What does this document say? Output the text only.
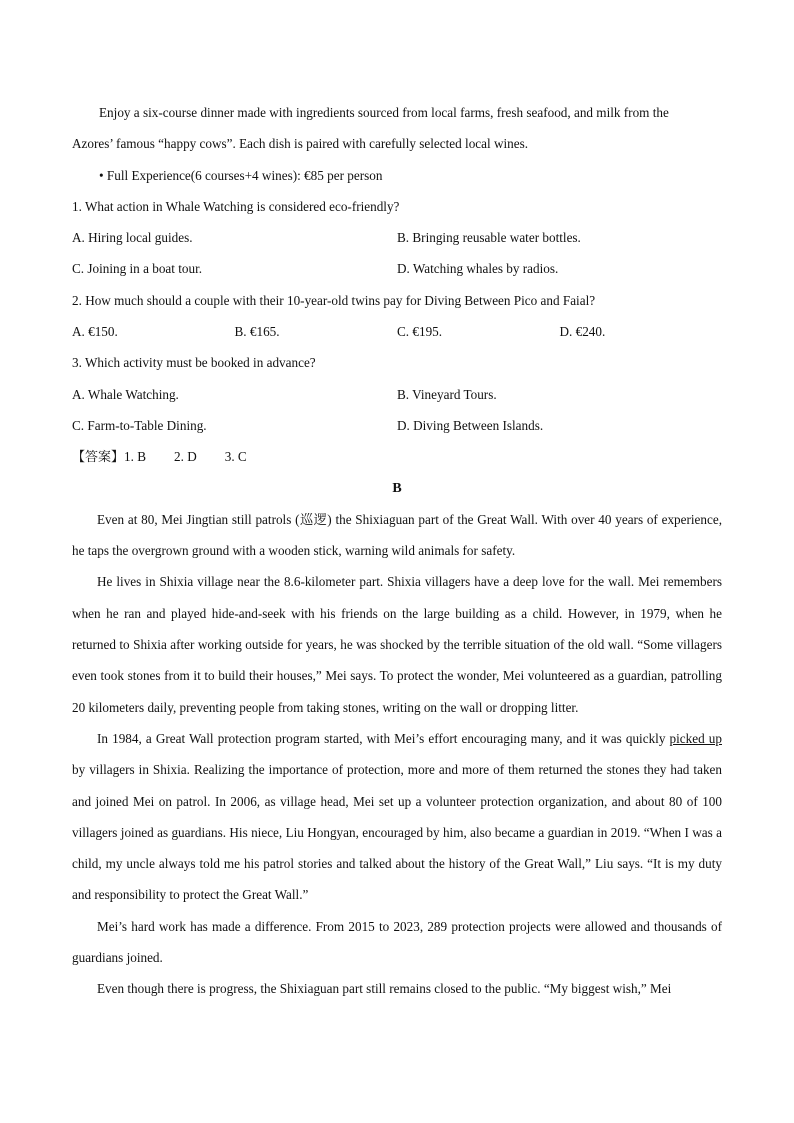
Enjoy a six-course dinner made with ingredients sourced from local farms, fresh seafood, and milk from the
Azores’ famous “happy cows”. Each dish is paired with carefully selected local wines.
• Full Experience(6 courses+4 wines): €85 per person
1. What action in Whale Watching is considered eco-friendly?
A. Hiring local guides.	B. Bringing reusable water bottles.
C. Joining in a boat tour.	D. Watching whales by radios.
2. How much should a couple with their 10-year-old twins pay for Diving Between Pico and Faial?
A. €150.	B. €165.	C. €195.	D. €240.
3. Which activity must be booked in advance?
A. Whale Watching.	B. Vineyard Tours.
C. Farm-to-Table Dining.	D. Diving Between Islands.
【答案】1. B 2. D 3. C
B

Even at 80, Mei Jingtian still patrols (巡逻) the Shixiaguan part of the Great Wall. With over 40 years of experience, he taps the overgrown ground with a wooden stick, warning wild animals for safety.

He lives in Shixia village near the 8.6-kilometer part. Shixia villagers have a deep love for the wall. Mei remembers when he ran and played hide-and-seek with his friends on the large building as a child. However, in 1979, when he returned to Shixia after working outside for years, he was shocked by the terrible situation of the old wall. “Some villagers even took stones from it to build their houses,” Mei says. To protect the wonder, Mei volunteered as a guardian, patrolling 20 kilometers daily, preventing people from taking stones, writing on the wall or dropping litter.

In 1984, a Great Wall protection program started, with Mei’s effort encouraging many, and it was quickly picked up by villagers in Shixia. Realizing the importance of protection, more and more of them returned the stones they had taken and joined Mei on patrol. In 2006, as village head, Mei set up a volunteer protection organization, and about 80 of 100 villagers joined as guardians. His niece, Liu Hongyan, encouraged by him, also became a guardian in 2019. “When I was a child, my uncle always told me his patrol stories and talked about the history of the Great Wall,” Liu says. “It is my duty and responsibility to protect the Great Wall.”

Mei’s hard work has made a difference. From 2015 to 2023, 289 protection projects were allowed and thousands of guardians joined.

Even though there is progress, the Shixiaguan part still remains closed to the public. “My biggest wish,” Mei
